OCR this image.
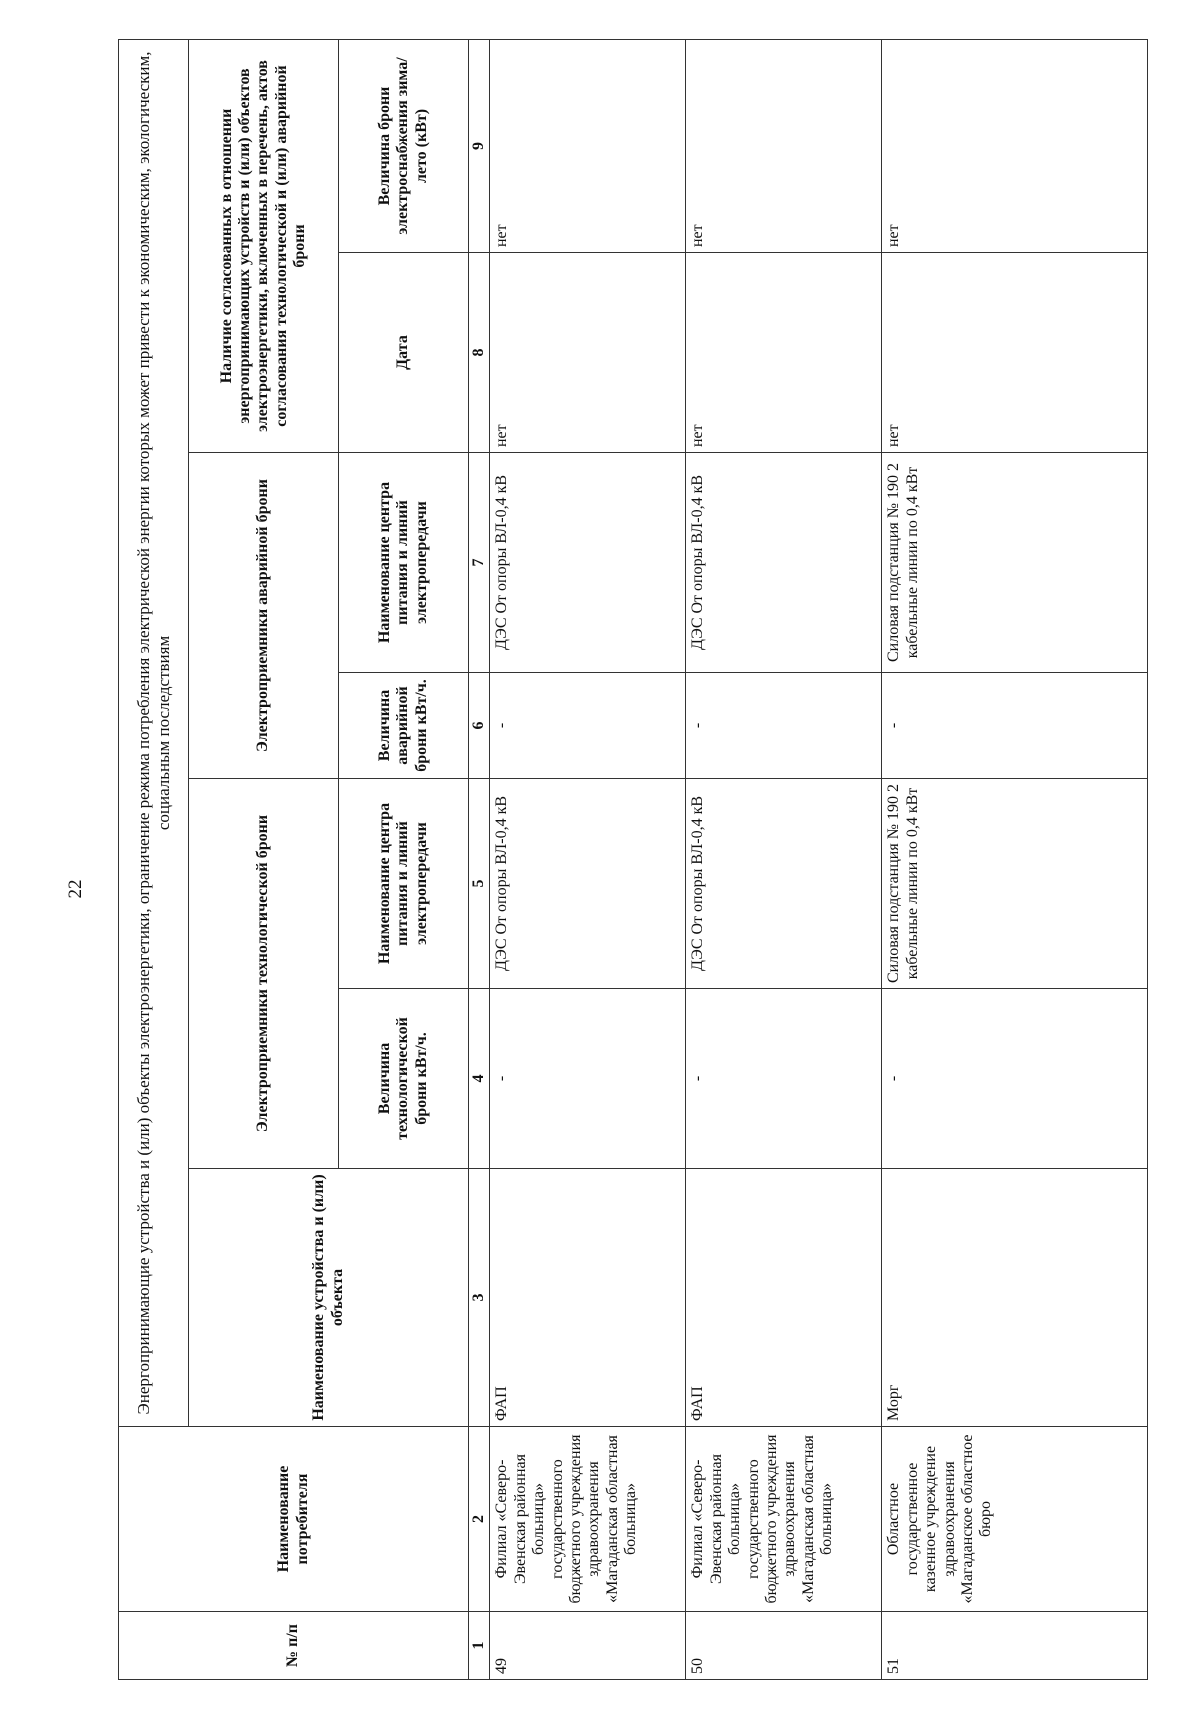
22
№ п/п	Наименование потребителя	Энергопринимающие устройства и (или) объекты электроэнергетики, ограничение режима потребления электрической энергии которых может привести к экономическим, экологическим, социальным последствиям						
		Наименование устройства и (или) объекта	Электроприемники технологической брони		Электроприемники аварийной брони		Наличие согласованных в отношении энергопринимающих устройств и (или) объектов электроэнергетики, включенных в перечень, актов согласования технологической и (или) аварийной брони	
			Величина технологической брони кВт/ч.	Наименование центра питания и линий электропередачи	Величина аварийной брони кВт/ч.	Наименование центра питания и линий электропередачи	Дата	Величина брони электроснабжения зима/лето (кВт)
1	2	3	4	5	6	7	8	9
49	Филиал «Северо-Эвенская районная больница» государственного бюджетного учреждения здравоохранения «Магаданская областная больница»	ФАП	-	ДЭС От опоры ВЛ-0,4 кВ	-	ДЭС От опоры ВЛ-0,4 кВ	нет	нет
50	Филиал «Северо-Эвенская районная больница» государственного бюджетного учреждения здравоохранения «Магаданская областная больница»	ФАП	-	ДЭС От опоры ВЛ-0,4 кВ	-	ДЭС От опоры ВЛ-0,4 кВ	нет	нет
51	Областное государственное казенное учреждение здравоохранения «Магаданское областное бюро	Морг	-	Силовая подстанция № 190 2 кабельные линии по 0,4 кВт	-	Силовая подстанция № 190 2 кабельные линии по 0,4 кВт	нет	нет
